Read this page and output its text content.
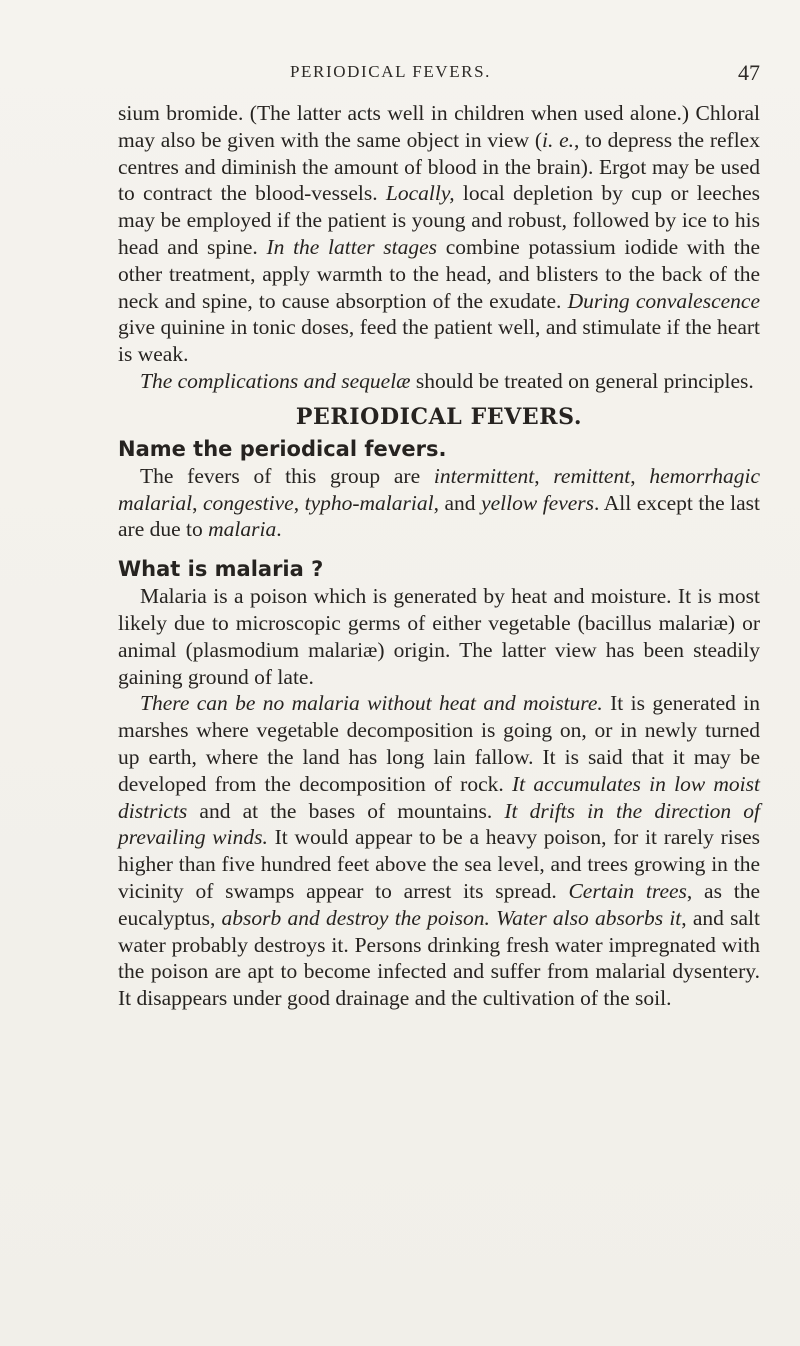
PERIODICAL FEVERS.	47

sium bromide. (The latter acts well in children when used alone.) Chloral may also be given with the same object in view (i. e., to depress the reflex centres and diminish the amount of blood in the brain). Ergot may be used to contract the blood-vessels. Locally, local depletion by cup or leeches may be employed if the patient is young and robust, followed by ice to his head and spine. In the latter stages combine potassium iodide with the other treatment, apply warmth to the head, and blisters to the back of the neck and spine, to cause absorption of the exudate. During convalescence give quinine in tonic doses, feed the patient well, and stimulate if the heart is weak.

The complications and sequelæ should be treated on general principles.

PERIODICAL FEVERS.
Name the periodical fevers.

The fevers of this group are intermittent, remittent, hemorrhagic malarial, congestive, typho-malarial, and yellow fevers. All except the last are due to malaria.

What is malaria ?

Malaria is a poison which is generated by heat and moisture. It is most likely due to microscopic germs of either vegetable (bacillus malariæ) or animal (plasmodium malariæ) origin. The latter view has been steadily gaining ground of late.

There can be no malaria without heat and moisture. It is generated in marshes where vegetable decomposition is going on, or in newly turned up earth, where the land has long lain fallow. It is said that it may be developed from the decomposition of rock. It accumulates in low moist districts and at the bases of mountains. It drifts in the direction of prevailing winds. It would appear to be a heavy poison, for it rarely rises higher than five hundred feet above the sea level, and trees growing in the vicinity of swamps appear to arrest its spread. Certain trees, as the eucalyptus, absorb and destroy the poison. Water also absorbs it, and salt water probably destroys it. Persons drinking fresh water impregnated with the poison are apt to become infected and suffer from malarial dysentery. It disappears under good drainage and the cultivation of the soil.
